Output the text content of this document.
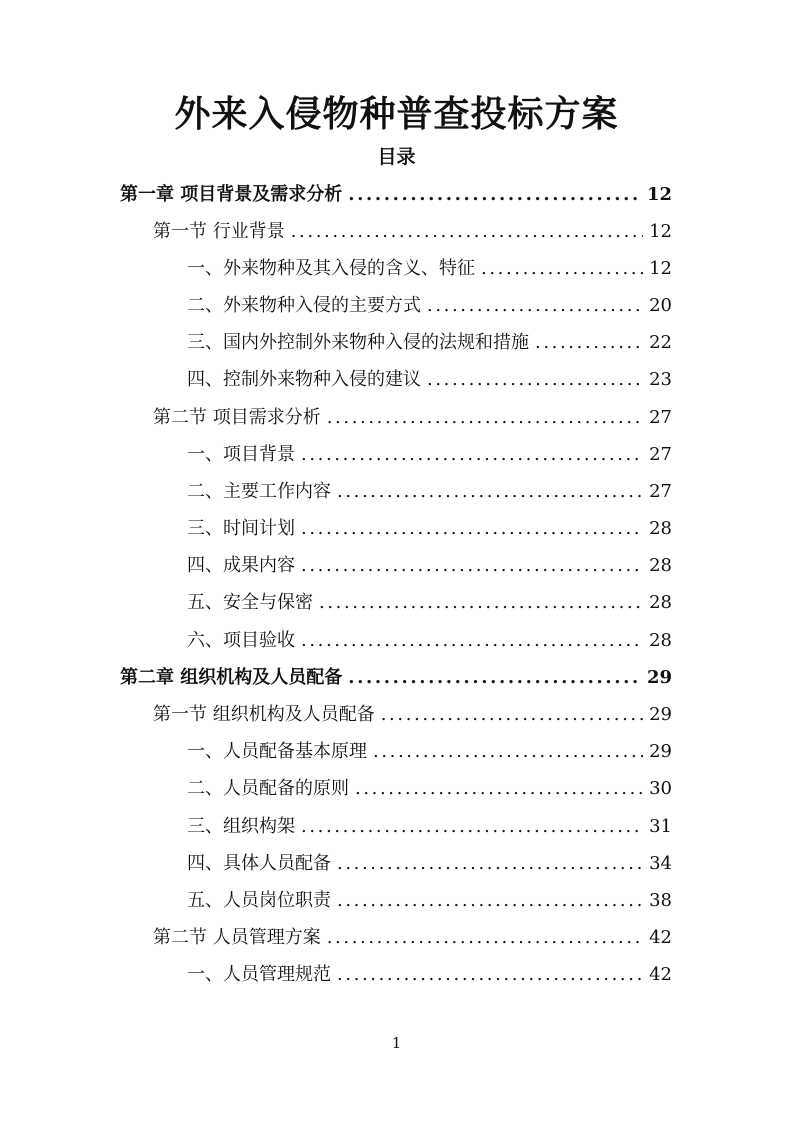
外来入侵物种普查投标方案
目录
第一章 项目背景及需求分析 .....	12
第一节 行业背景 .....	12
一、外来物种及其入侵的含义、特征 .....	12
二、外来物种入侵的主要方式 .....	20
三、国内外控制外来物种入侵的法规和措施 .....	22
四、控制外来物种入侵的建议 .....	23
第二节 项目需求分析 .....	27
一、项目背景 .....	27
二、主要工作内容 .....	27
三、时间计划 .....	28
四、成果内容 .....	28
五、安全与保密 .....	28
六、项目验收 .....	28
第二章 组织机构及人员配备 .....	29
第一节 组织机构及人员配备 .....	29
一、人员配备基本原理 .....	29
二、人员配备的原则 .....	30
三、组织构架 .....	31
四、具体人员配备 .....	34
五、人员岗位职责 .....	38
第二节 人员管理方案 .....	42
一、人员管理规范 .....	42
1
